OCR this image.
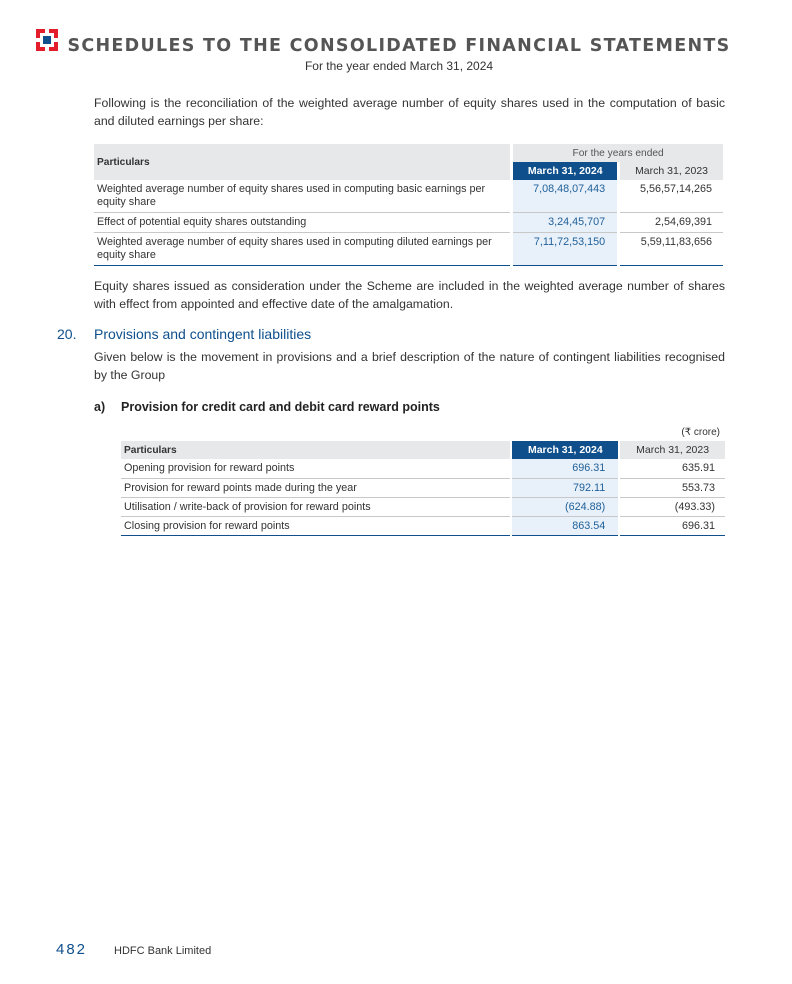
SCHEDULES TO THE CONSOLIDATED FINANCIAL STATEMENTS
For the year ended March 31, 2024

Following is the reconciliation of the weighted average number of equity shares used in the computation of basic and diluted earnings per share:

Particulars		For the years ended		
		March 31, 2024		March 31, 2023
Weighted average number of equity shares used in computing basic earnings per equity share		7,08,48,07,443		5,56,57,14,265
Effect of potential equity shares outstanding		3,24,45,707		2,54,69,391
Weighted average number of equity shares used in computing diluted earnings per equity share		7,11,72,53,150		5,59,11,83,656

Equity shares issued as consideration under the Scheme are included in the weighted average number of shares with effect from appointed and effective date of the amalgamation.

20. Provisions and contingent liabilities

Given below is the movement in provisions and a brief description of the nature of contingent liabilities recognised by the Group

a) Provision for credit card and debit card reward points
(₹ crore)
Particulars		March 31, 2024		March 31, 2023
Opening provision for reward points		696.31		635.91
Provision for reward points made during the year		792.11		553.73
Utilisation / write-back of provision for reward points		(624.88)		(493.33)
Closing provision for reward points		863.54		696.31
482 HDFC Bank Limited
